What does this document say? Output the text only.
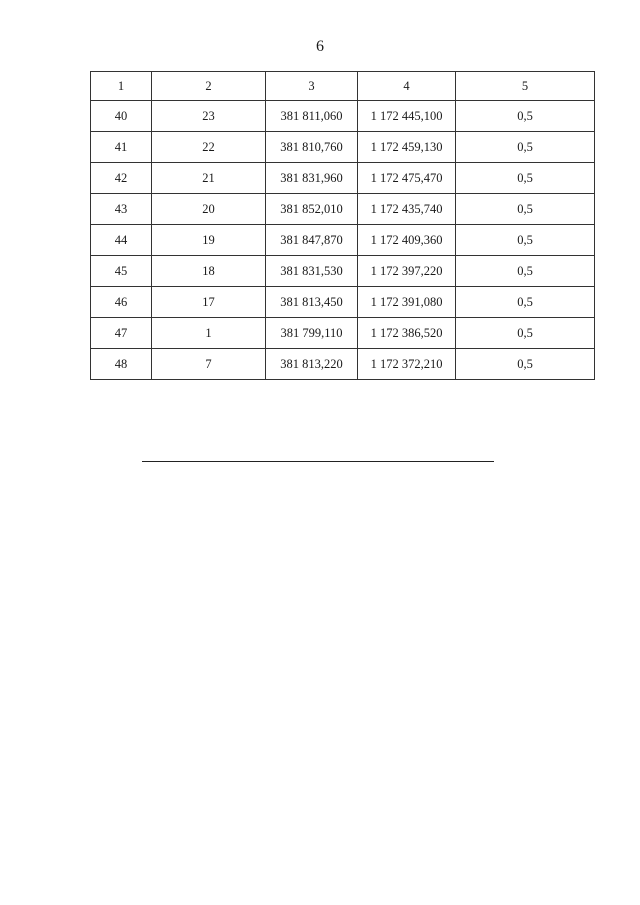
6
1	2	3	4	5
40	23	381 811,060	1 172 445,100	0,5
41	22	381 810,760	1 172 459,130	0,5
42	21	381 831,960	1 172 475,470	0,5
43	20	381 852,010	1 172 435,740	0,5
44	19	381 847,870	1 172 409,360	0,5
45	18	381 831,530	1 172 397,220	0,5
46	17	381 813,450	1 172 391,080	0,5
47	1	381 799,110	1 172 386,520	0,5
48	7	381 813,220	1 172 372,210	0,5
